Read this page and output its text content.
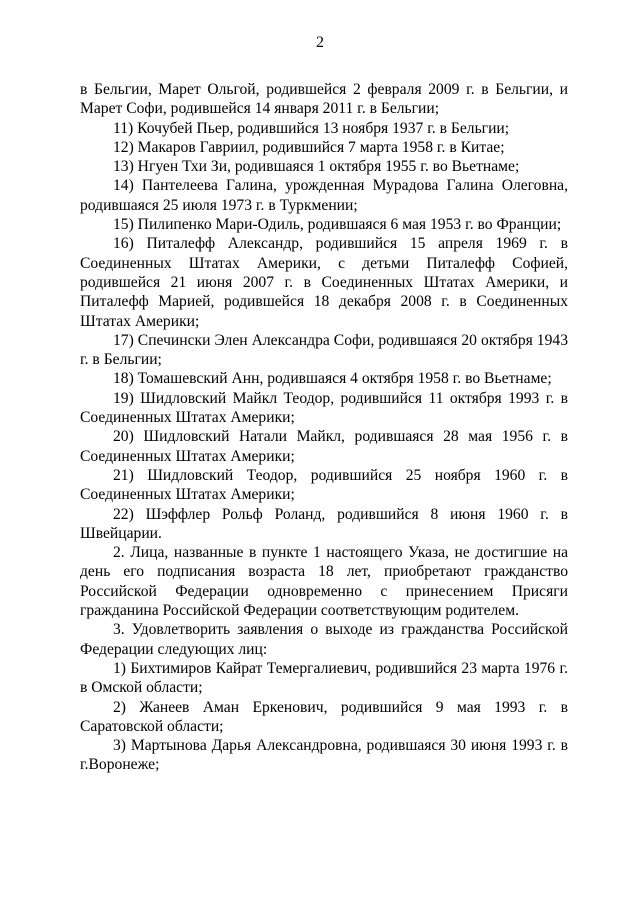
2

в Бельгии, Марет Ольгой, родившейся 2 февраля 2009 г. в Бельгии, и Марет Софи, родившейся 14 января 2011 г. в Бельгии;

11) Кочубей Пьер, родившийся 13 ноября 1937 г. в Бельгии;

12) Макаров Гавриил, родившийся 7 марта 1958 г. в Китае;

13) Нгуен Тхи Зи, родившаяся 1 октября 1955 г. во Вьетнаме;

14) Пантелеева Галина, урожденная Мурадова Галина Олеговна, родившаяся 25 июля 1973 г. в Туркмении;

15) Пилипенко Мари-Одиль, родившаяся 6 мая 1953 г. во Франции;

16) Питалефф Александр, родившийся 15 апреля 1969 г. в Соединенных Штатах Америки, с детьми Питалефф Софией, родившейся 21 июня 2007 г. в Соединенных Штатах Америки, и Питалефф Марией, родившейся 18 декабря 2008 г. в Соединенных Штатах Америки;

17) Спечински Элен Александра Софи, родившаяся 20 октября 1943 г. в Бельгии;

18) Томашевский Анн, родившаяся 4 октября 1958 г. во Вьетнаме;

19) Шидловский Майкл Теодор, родившийся 11 октября 1993 г. в Соединенных Штатах Америки;

20) Шидловский Натали Майкл, родившаяся 28 мая 1956 г. в Соединенных Штатах Америки;

21) Шидловский Теодор, родившийся 25 ноября 1960 г. в Соединенных Штатах Америки;

22) Шэффлер Рольф Роланд, родившийся 8 июня 1960 г. в Швейцарии.

2. Лица, названные в пункте 1 настоящего Указа, не достигшие на день его подписания возраста 18 лет, приобретают гражданство Российской Федерации одновременно с принесением Присяги гражданина Российской Федерации соответствующим родителем.

3. Удовлетворить заявления о выходе из гражданства Российской Федерации следующих лиц:

1) Бихтимиров Кайрат Темергалиевич, родившийся 23 марта 1976 г. в Омской области;

2) Жанеев Аман Еркенович, родившийся 9 мая 1993 г. в Саратовской области;

3) Мартынова Дарья Александровна, родившаяся 30 июня 1993 г. в г.Воронеже;
